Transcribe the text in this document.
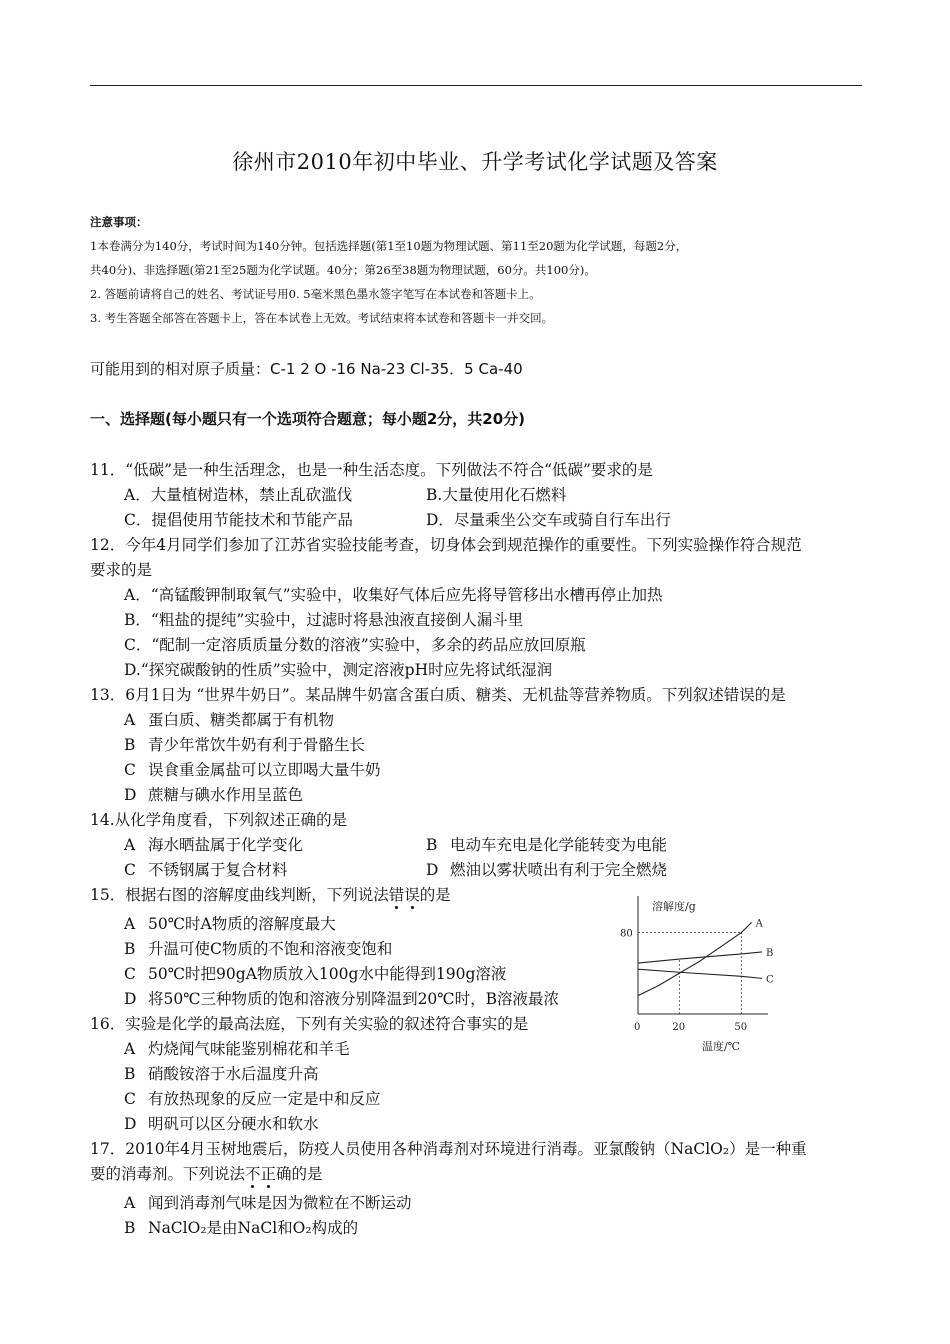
徐州市2010年初中毕业、升学考试化学试题及答案
注意事项：
1本卷满分为140分，考试时间为140分钟。包括选择题(第1至10题为物理试题、第11至20题为化学试题，每题2分，
共40分)、非选择题(第21至25题为化学试题。40分；第26至38题为物理试题，60分。共100分)。
2. 答题前请将自己的姓名、考试证号用0. 5毫米黑色墨水签字笔写在本试卷和答题卡上。
3. 考生答题全部答在答题卡上，答在本试卷上无效。考试结束将本试卷和答题卡一并交回。
可能用到的相对原子质量：C-1 2 O -16 Na-23 Cl-35．5 Ca-40
一、选择题(每小题只有一个选项符合题意；每小题2分，共20分)
11．“低碳”是一种生活理念，也是一种生活态度。下列做法不符合“低碳”要求的是
A．大量植树造林，禁止乱砍滥伐	B.大量使用化石燃料
C．提倡使用节能技术和节能产品	D．尽量乘坐公交车或骑自行车出行
12．今年4月同学们参加了江苏省实验技能考查，切身体会到规范操作的重要性。下列实验操作符合规范
要求的是
A．“高锰酸钾制取氧气”实验中，收集好气体后应先将导管移出水槽再停止加热
B．“粗盐的提纯”实验中，过滤时将悬浊液直接倒人漏斗里
C．“配制一定溶质质量分数的溶液”实验中，多余的药品应放回原瓶
D.“探究碳酸钠的性质”实验中，测定溶液pH时应先将试纸湿润
13．6月1日为 “世界牛奶日”。某品牌牛奶富含蛋白质、糖类、无机盐等营养物质。下列叙述错误的是
A 蛋白质、糖类都属于有机物
B 青少年常饮牛奶有利于骨骼生长
C 误食重金属盐可以立即喝大量牛奶
D 蔗糖与碘水作用呈蓝色
14.从化学角度看，下列叙述正确的是
A 海水晒盐属于化学变化	B 电动车充电是化学能转变为电能
C 不锈钢属于复合材料	D 燃油以雾状喷出有利于完全燃烧
15．根据右图的溶解度曲线判断，下列说法错误的是
A 50℃时A物质的溶解度最大
B 升温可使C物质的不饱和溶液变饱和
C 50℃时把90gA物质放入100g水中能得到190g溶液
D 将50℃三种物质的饱和溶液分别降温到20℃时，B溶液最浓
16．实验是化学的最高法庭，下列有关实验的叙述符合事实的是
A 灼烧闻气味能鉴别棉花和羊毛
B 硝酸铵溶于水后温度升高
C 有放热现象的反应一定是中和反应
D 明矾可以区分硬水和软水
17．2010年4月玉树地震后，防疫人员使用各种消毒剂对环境进行消毒。亚氯酸钠（NaClO₂）是一种重
要的消毒剂。下列说法不正确的是
A 闻到消毒剂气味是因为微粒在不断运动
B NaClO₂是由NaCl和O₂构成的
溶解度/g
温度/℃
80
0	20	50
A
B
C
